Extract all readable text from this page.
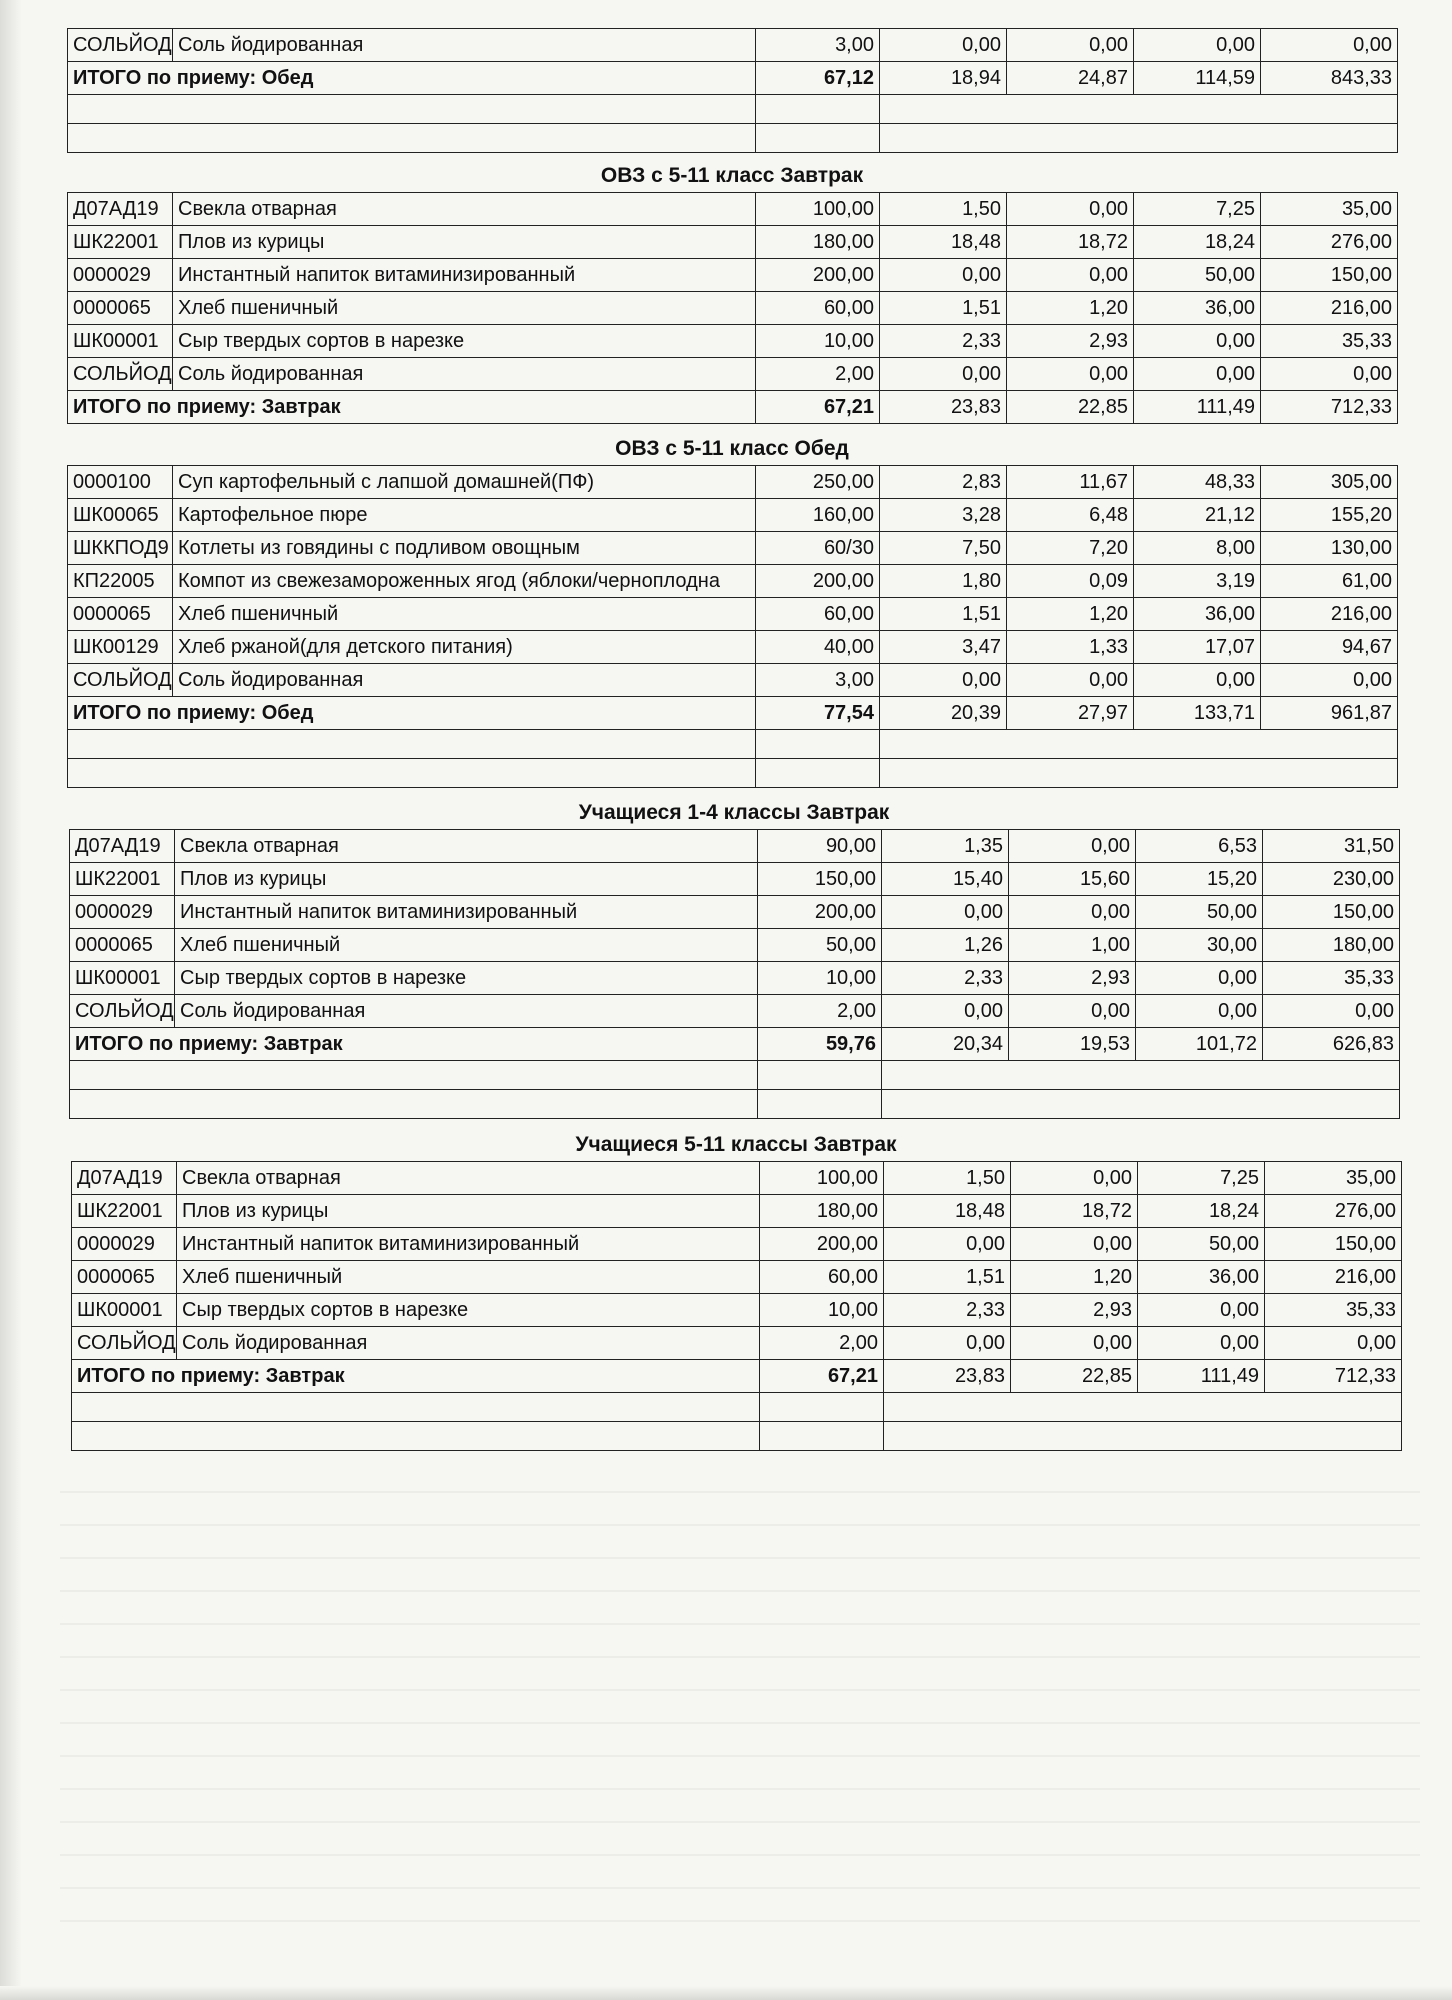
СОЛЬЙОД	Соль йодированная	3,00	0,00	0,00	0,00	0,00
ИТОГО по приему: Обед		67,12	18,94	24,87	114,59	843,33

ОВЗ с 5-11 класс Завтрак
Д07АД19	Свекла отварная	100,00	1,50	0,00	7,25	35,00
ШК22001	Плов из курицы	180,00	18,48	18,72	18,24	276,00
0000029	Инстантный напиток витаминизированный	200,00	0,00	0,00	50,00	150,00
0000065	Хлеб пшеничный	60,00	1,51	1,20	36,00	216,00
ШК00001	Сыр твердых сортов в нарезке	10,00	2,33	2,93	0,00	35,33
СОЛЬЙОД	Соль йодированная	2,00	0,00	0,00	0,00	0,00
ИТОГО по приему: Завтрак		67,21	23,83	22,85	111,49	712,33
ОВЗ с 5-11 класс Обед
0000100	Суп картофельный с лапшой домашней(ПФ)	250,00	2,83	11,67	48,33	305,00
ШК00065	Картофельное пюре	160,00	3,28	6,48	21,12	155,20
ШККПОД9	Котлеты из говядины с подливом овощным	60/30	7,50	7,20	8,00	130,00
КП22005	Компот из свежезамороженных ягод (яблоки/черноплодна	200,00	1,80	0,09	3,19	61,00
0000065	Хлеб пшеничный	60,00	1,51	1,20	36,00	216,00
ШК00129	Хлеб ржаной(для детского питания)	40,00	3,47	1,33	17,07	94,67
СОЛЬЙОД	Соль йодированная	3,00	0,00	0,00	0,00	0,00
ИТОГО по приему: Обед		77,54	20,39	27,97	133,71	961,87

Учащиеся 1-4 классы Завтрак
Д07АД19	Свекла отварная	90,00	1,35	0,00	6,53	31,50
ШК22001	Плов из курицы	150,00	15,40	15,60	15,20	230,00
0000029	Инстантный напиток витаминизированный	200,00	0,00	0,00	50,00	150,00
0000065	Хлеб пшеничный	50,00	1,26	1,00	30,00	180,00
ШК00001	Сыр твердых сортов в нарезке	10,00	2,33	2,93	0,00	35,33
СОЛЬЙОД	Соль йодированная	2,00	0,00	0,00	0,00	0,00
ИТОГО по приему: Завтрак		59,76	20,34	19,53	101,72	626,83

Учащиеся 5-11 классы Завтрак
Д07АД19	Свекла отварная	100,00	1,50	0,00	7,25	35,00
ШК22001	Плов из курицы	180,00	18,48	18,72	18,24	276,00
0000029	Инстантный напиток витаминизированный	200,00	0,00	0,00	50,00	150,00
0000065	Хлеб пшеничный	60,00	1,51	1,20	36,00	216,00
ШК00001	Сыр твердых сортов в нарезке	10,00	2,33	2,93	0,00	35,33
СОЛЬЙОД	Соль йодированная	2,00	0,00	0,00	0,00	0,00
ИТОГО по приему: Завтрак		67,21	23,83	22,85	111,49	712,33
